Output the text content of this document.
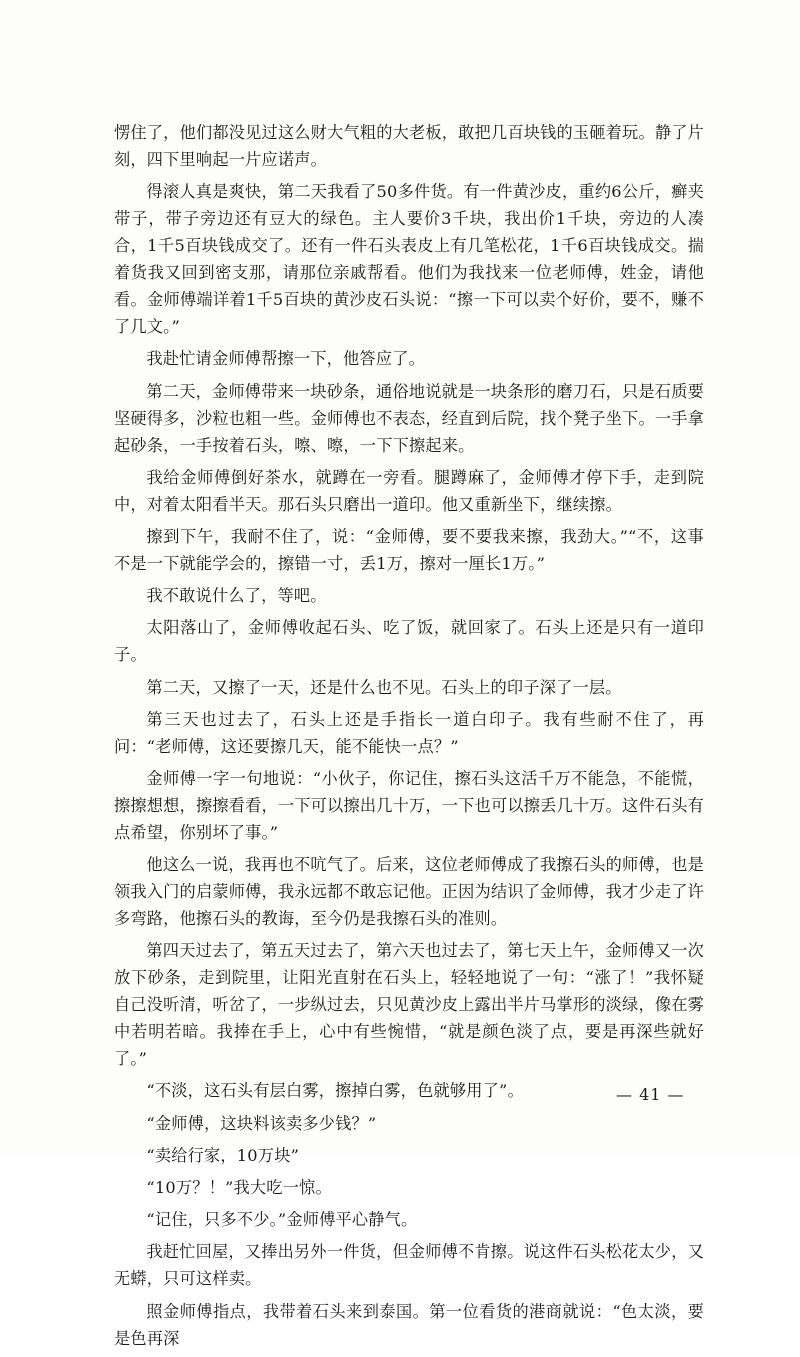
愣住了，他们都没见过这么财大气粗的大老板，敢把几百块钱的玉砸着玩。静了片刻，四下里响起一片应诺声。

得滚人真是爽快，第二天我看了50多件货。有一件黄沙皮，重约6公斤，癣夹带子，带子旁边还有豆大的绿色。主人要价3千块，我出价1千块，旁边的人凑合，1千5百块钱成交了。还有一件石头表皮上有几笔松花，1千6百块钱成交。揣着货我又回到密支那，请那位亲戚帮看。他们为我找来一位老师傅，姓金，请他看。金师傅端详着1千5百块的黄沙皮石头说：“擦一下可以卖个好价，要不，赚不了几文。”

我赴忙请金师傅帮擦一下，他答应了。

第二天，金师傅带来一块砂条，通俗地说就是一块条形的磨刀石，只是石质要坚硬得多，沙粒也粗一些。金师傅也不表态，经直到后院，找个凳子坐下。一手拿起砂条，一手按着石头，嚓、嚓，一下下擦起来。

我给金师傅倒好茶水，就蹲在一旁看。腿蹲麻了，金师傅才停下手，走到院中，对着太阳看半天。那石头只磨出一道印。他又重新坐下，继续擦。

擦到下午，我耐不住了，说：“金师傅，要不要我来擦，我劲大。”“不，这事不是一下就能学会的，擦错一寸，丢1万，擦对一厘长1万。”

我不敢说什么了，等吧。

太阳落山了，金师傅收起石头、吃了饭，就回家了。石头上还是只有一道印子。

第二天，又擦了一天，还是什么也不见。石头上的印子深了一层。

第三天也过去了，石头上还是手指长一道白印子。我有些耐不住了，再问：“老师傅，这还要擦几天，能不能快一点？”

金师傅一字一句地说：“小伙子，你记住，擦石头这活千万不能急，不能慌，擦擦想想，擦擦看看，一下可以擦出几十万，一下也可以擦丢几十万。这件石头有点希望，你别坏了事。”

他这么一说，我再也不吭气了。后来，这位老师傅成了我擦石头的师傅，也是领我入门的启蒙师傅，我永远都不敢忘记他。正因为结识了金师傅，我才少走了许多弯路，他擦石头的教诲，至今仍是我擦石头的准则。

第四天过去了，第五天过去了，第六天也过去了，第七天上午，金师傅又一次放下砂条，走到院里，让阳光直射在石头上，轻轻地说了一句：“涨了！”我怀疑自己没听清，听岔了，一步纵过去，只见黄沙皮上露出半片马掌形的淡绿，像在雾中若明若暗。我捧在手上，心中有些惋惜，“就是颜色淡了点，要是再深些就好了。”

“不淡，这石头有层白雾，擦掉白雾，色就够用了”。

“金师傅，这块料该卖多少钱？”

“卖给行家，10万块”

“10万？！”我大吃一惊。

“记住，只多不少。”金师傅平心静气。

我赶忙回屋，又捧出另外一件货，但金师傅不肯擦。说这件石头松花太少，又无蟒，只可这样卖。

照金师傅指点，我带着石头来到泰国。第一位看货的港商就说：“色太淡，要是色再深

— 41 —
